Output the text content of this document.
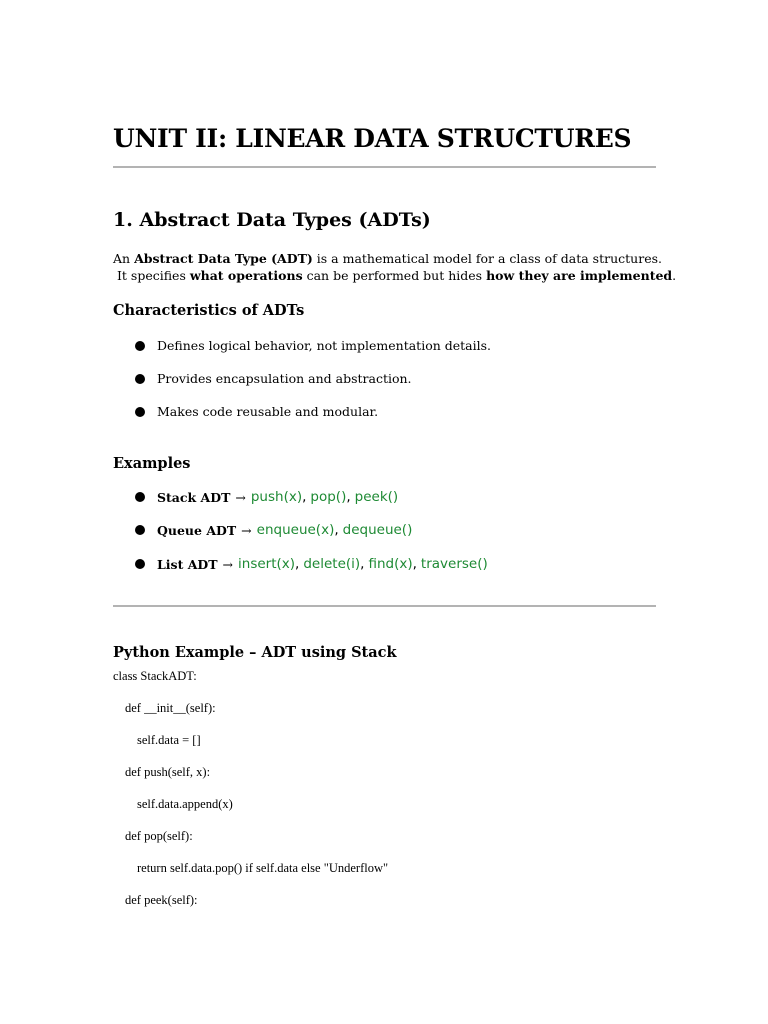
UNIT II: LINEAR DATA STRUCTURES
1. Abstract Data Types (ADTs)
An Abstract Data Type (ADT) is a mathematical model for a class of data structures.
It specifies what operations can be performed but hides how they are implemented.
Characteristics of ADTs
Defines logical behavior, not implementation details.
Provides encapsulation and abstraction.
Makes code reusable and modular.
Examples
Stack ADT → push(x) , pop() , peek()
Queue ADT → enqueue(x) , dequeue()
List ADT → insert(x) , delete(i) , find(x) , traverse()
Python Example – ADT using Stack
class StackADT:
def __init__(self):
self.data = []
def push(self, x):
self.data.append(x)
def pop(self):
return self.data.pop() if self.data else "Underflow"
def peek(self):
